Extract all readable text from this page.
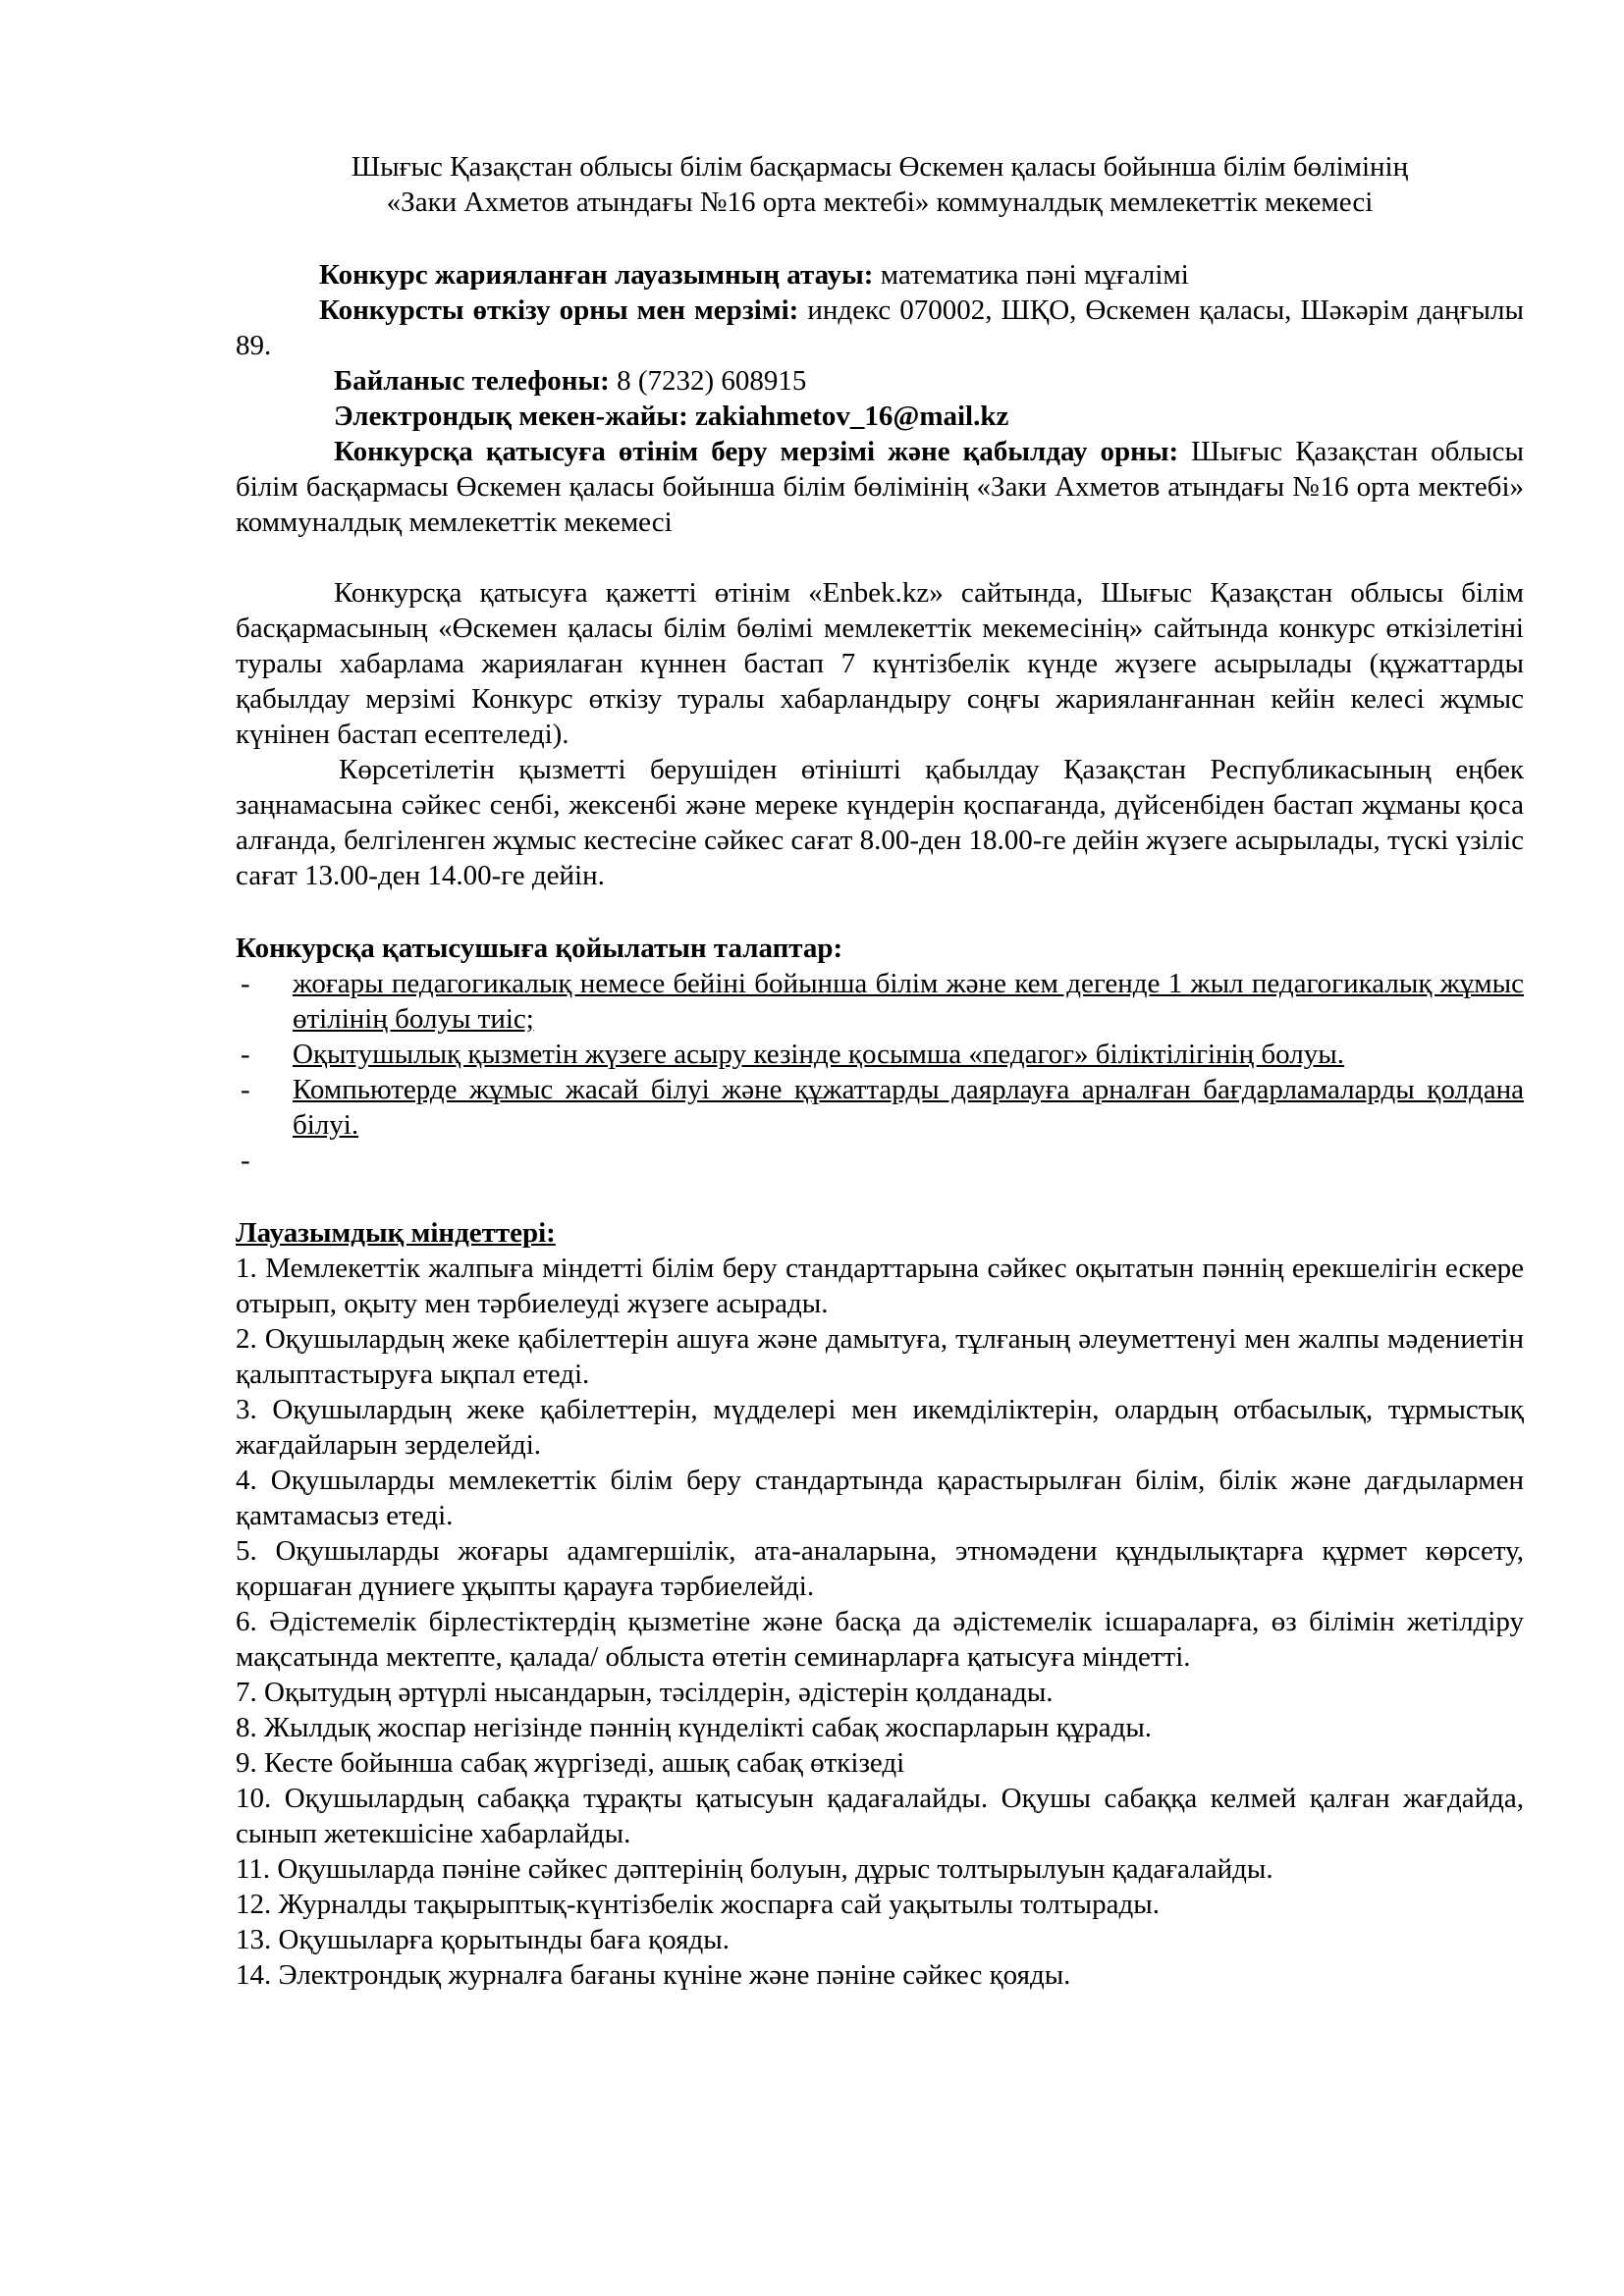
Шығыс Қазақстан облысы білім басқармасы Өскемен қаласы бойынша білім бөлімінің

«Заки Ахметов атындағы №16 орта мектебі» коммуналдық мемлекеттік мекемесі

Конкурс жарияланған лауазымның атауы: математика пәні мұғалімі

Конкурсты өткізу орны мен мерзімі: индекс 070002, ШҚО, Өскемен қаласы, Шәкәрім даңғылы 89.

Байланыс телефоны: 8 (7232) 608915

Электрондық мекен-жайы: zakiahmetov_16@mail.kz

Конкурсқа қатысуға өтінім беру мерзімі және қабылдау орны: Шығыс Қазақстан облысы білім басқармасы Өскемен қаласы бойынша білім бөлімінің «Заки Ахметов атындағы №16 орта мектебі» коммуналдық мемлекеттік мекемесі

Конкурсқа қатысуға қажетті өтінім «Enbek.kz» сайтында, Шығыс Қазақстан облысы білім басқармасының «Өскемен қаласы білім бөлімі мемлекеттік мекемесінің» сайтында конкурс өткізілетіні туралы хабарлама жариялаған күннен бастап 7 күнтізбелік күнде жүзеге асырылады (құжаттарды қабылдау мерзімі Конкурс өткізу туралы хабарландыру соңғы жарияланғаннан кейін келесі жұмыс күнінен бастап есептеледі).

Көрсетілетін қызметті берушіден өтінішті қабылдау Қазақстан Республикасының еңбек заңнамасына сәйкес сенбі, жексенбі және мереке күндерін қоспағанда, дүйсенбіден бастап жұманы қоса алғанда, белгіленген жұмыс кестесіне сәйкес сағат 8.00-ден 18.00-ге дейін жүзеге асырылады, түскі үзіліс сағат 13.00-ден 14.00-ге дейін.

Конкурсқа қатысушыға қойылатын талаптар:

- жоғары педагогикалық немесе бейіні бойынша білім және кем дегенде 1 жыл педагогикалық жұмыс өтілінің болуы тиіс;
- Оқытушылық қызметін жүзеге асыру кезінде қосымша «педагог» біліктілігінің болуы.
- Компьютерде жұмыс жасай білуі және құжаттарды даярлауға арналған бағдарламаларды қолдана білуі.
-

Лауазымдық міндеттері:

1. Мемлекеттік жалпыға міндетті білім беру стандарттарына сәйкес оқытатын пәннің ерекшелігін ескере отырып, оқыту мен тәрбиелеуді жүзеге асырады.
2. Оқушылардың жеке қабілеттерін ашуға және дамытуға, тұлғаның әлеуметтенуі мен жалпы мәдениетін қалыптастыруға ықпал етеді.
3. Оқушылардың жеке қабілеттерін, мүдделері мен икемділіктерін, олардың отбасылық, тұрмыстық жағдайларын зерделейді.
4. Оқушыларды мемлекеттік білім беру стандартында қарастырылған білім, білік және дағдылармен қамтамасыз етеді.
5. Оқушыларды жоғары адамгершілік, ата-аналарына, этномәдени құндылықтарға құрмет көрсету, қоршаған дүниеге ұқыпты қарауға тәрбиелейді.
6. Әдістемелік бірлестіктердің қызметіне және басқа да әдістемелік ісшараларға, өз білімін жетілдіру мақсатында мектепте, қалада/ облыста өтетін семинарларға қатысуға міндетті.
7. Оқытудың әртүрлі нысандарын, тәсілдерін, әдістерін қолданады.
8. Жылдық жоспар негізінде пәннің күнделікті сабақ жоспарларын құрады.
9. Кесте бойынша сабақ жүргізеді, ашық сабақ өткізеді
10. Оқушылардың сабаққа тұрақты қатысуын қадағалайды. Оқушы сабаққа келмей қалған жағдайда, сынып жетекшісіне хабарлайды.
11. Оқушыларда пәніне сәйкес дәптерінің болуын, дұрыс толтырылуын қадағалайды.
12. Журналды тақырыптық-күнтізбелік жоспарға сай уақытылы толтырады.
13. Оқушыларға қорытынды баға қояды.
14. Электрондық журналға бағаны күніне және пәніне сәйкес қояды.
